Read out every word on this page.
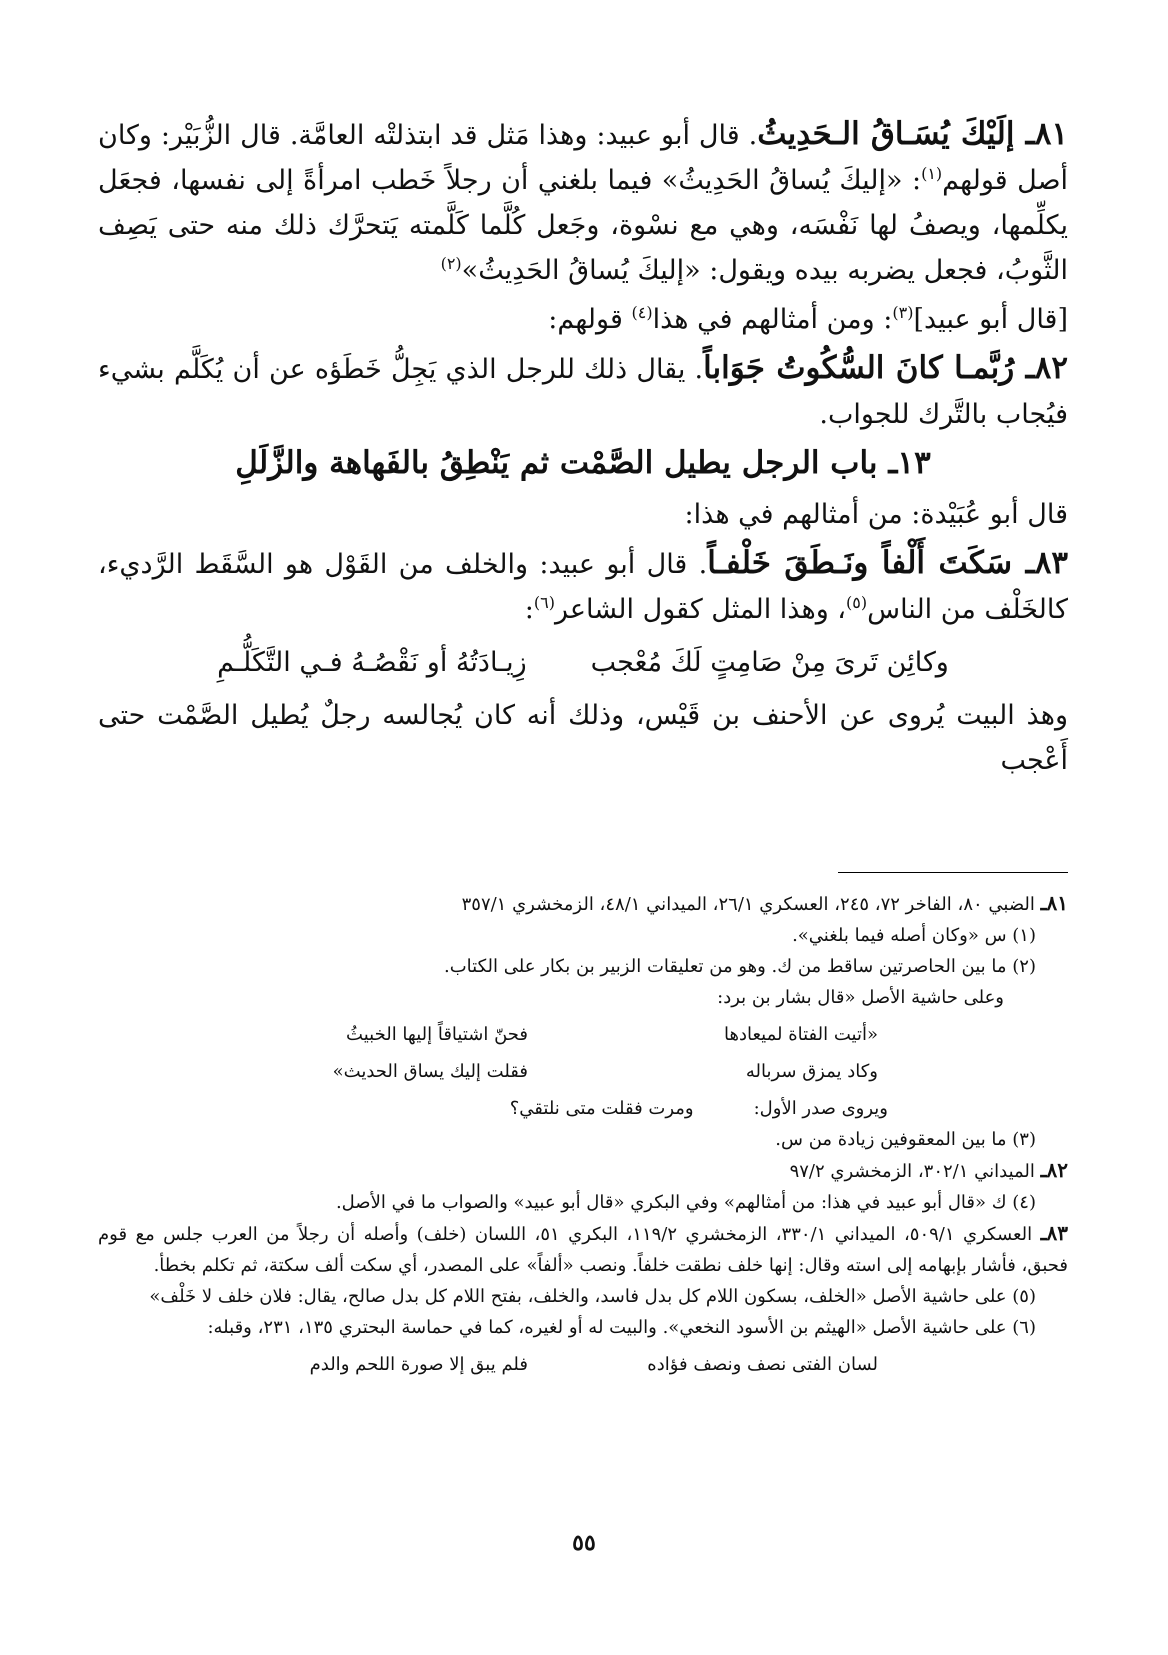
٨١ـ إلَيْكَ يُسَـاقُ الـحَدِيثُ. قال أبو عبيد: وهذا مَثل قد ابتذلتْه العامَّة. قال الزُّبَيْر: وكان أصل قولهم$^{(١)}$: «إليكَ يُساقُ الحَدِيثُ» فيما بلغني أن رجلاً خَطب امرأةً إلى نفسها، فجعَل يكلِّمها، ويصفُ لها نَفْسَه، وهي مع نسْوة، وجَعل كُلَّما كَلَّمته يَتحرَّك ذلك منه حتى يَصِف الثَّوبُ، فجعل يضربه بيده ويقول: «إليكَ يُساقُ الحَدِيثُ»$^{(٢)}$

[قال أبو عبيد]$^{(٣)}$: ومن أمثالهم في هذا$^{(٤)}$ قولهم:

٨٢ـ رُبَّمـا كانَ السُّكُوتُ جَوَاباً. يقال ذلك للرجل الذي يَجِلُّ خَطَؤه عن أن يُكَلَّم بشيء فيُجاب بالتَّرك للجواب.

١٣ـ باب الرجل يطيل الصَّمْت ثم يَنْطِقُ بالفَهاهة والزَّلَلِ

قال أبو عُبَيْدة: من أمثالهم في هذا:

٨٣ـ سَكَتَ أَلْفاً ونَـطَقَ خَلْفـاً. قال أبو عبيد: والخلف من القَوْل هو السَّقَط الرَّديء، كالخَلْف من الناس$^{(٥)}$، وهذا المثل كقول الشاعر$^{(٦)}$:

وكائِن تَرىَ مِنْ صَامِتٍ لَكَ مُعْجب
زِيـادَتُهُ أو نَقْصُـهُ فـي التَّكَلُّـمِ

وهذ البيت يُروى عن الأحنف بن قَيْس، وذلك أنه كان يُجالسه رجلٌ يُطيل الصَّمْت حتى أَعْجب

٨١ـ الضبي ٨٠، الفاخر ٧٢، ٢٤٥، العسكري ٢٦/١، الميداني ٤٨/١، الزمخشري ٣٥٧/١

(١) س «وكان أصله فيما بلغني».

(٢) ما بين الحاصرتين ساقط من ك. وهو من تعليقات الزبير بن بكار على الكتاب.

وعلى حاشية الأصل «قال بشار بن برد:

«أتيت الفتاة لميعادها
فحنّ اشتياقاً إليها الخبيثُ
وكاد يمزق سرباله
فقلت إليك يساق الحديث»
ويروى صدر الأول:
ومرت فقلت متى نلتقي؟

(٣) ما بين المعقوفين زيادة من س.

٨٢ـ الميداني ٣٠٢/١، الزمخشري ٩٧/٢

(٤) ك «قال أبو عبيد في هذا: من أمثالهم» وفي البكري «قال أبو عبيد» والصواب ما في الأصل.

٨٣ـ العسكري ٥٠٩/١، الميداني ٣٣٠/١، الزمخشري ١١٩/٢، البكري ٥١، اللسان (خلف) وأصله أن رجلاً من العرب جلس مع قوم فحبق، فأشار بإبهامه إلى استه وقال: إنها خلف نطقت خلفاً. ونصب «ألفاً» على المصدر، أي سكت ألف سكتة، ثم تكلم بخطأ.

(٥) على حاشية الأصل «الخلف، بسكون اللام كل بدل فاسد، والخلف، بفتح اللام كل بدل صالح، يقال: فلان خلف لا خَلْف»

(٦) على حاشية الأصل «الهيثم بن الأسود النخعي». والبيت له أو لغيره، كما في حماسة البحتري ١٣٥، ٢٣١، وقبله:

لسان الفتى نصف ونصف فؤاده
فلم يبق إلا صورة اللحم والدم
٥٥
